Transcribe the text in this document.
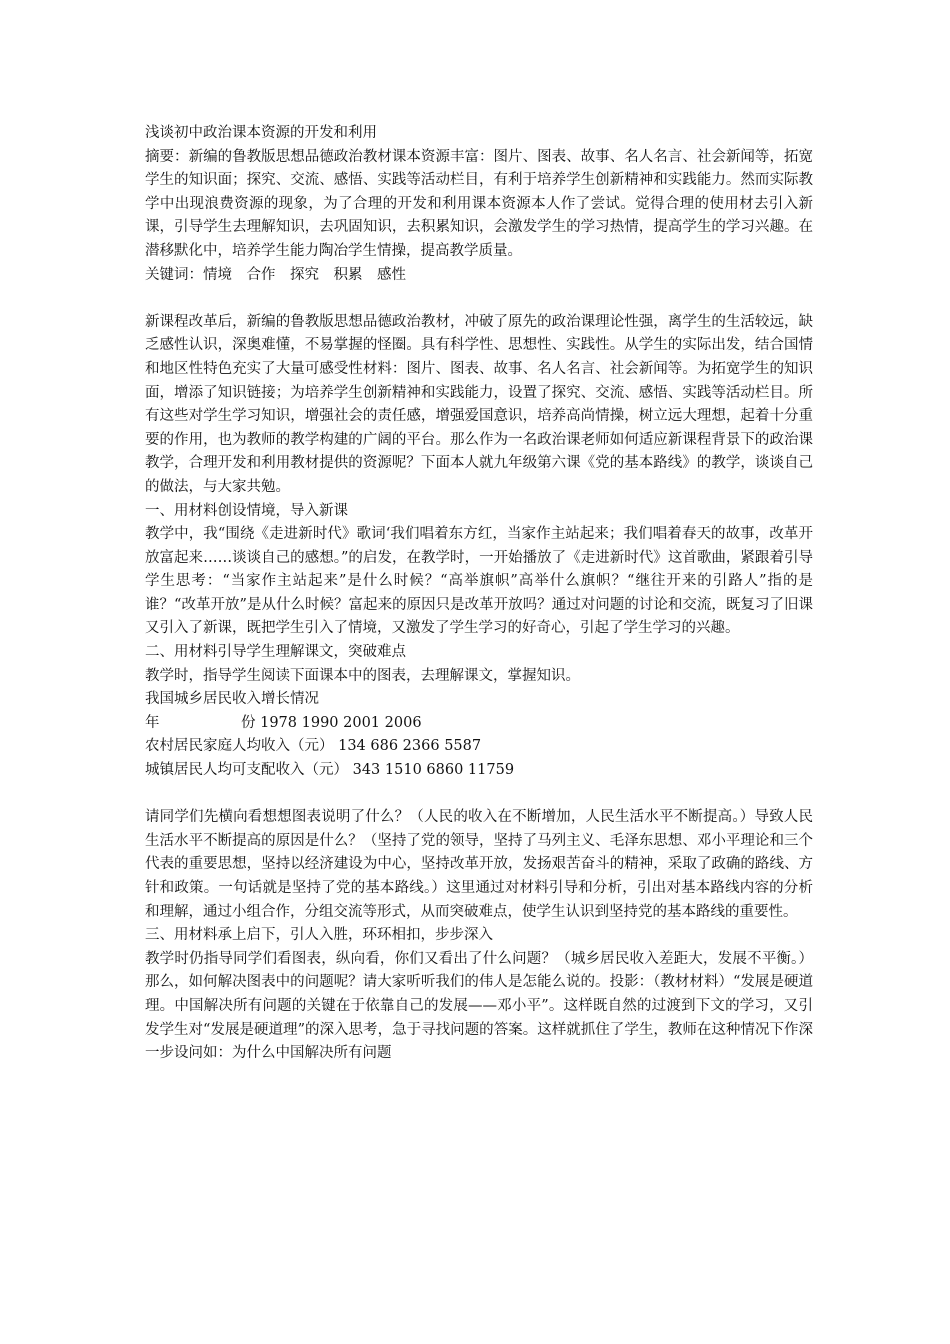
浅谈初中政治课本资源的开发和利用

摘要：新编的鲁教版思想品德政治教材课本资源丰富：图片、图表、故事、名人名言、社会新闻等，拓宽学生的知识面；探究、交流、感悟、实践等活动栏目，有利于培养学生创新精神和实践能力。然而实际教学中出现浪费资源的现象，为了合理的开发和利用课本资源本人作了尝试。觉得合理的使用材去引入新课，引导学生去理解知识，去巩固知识，去积累知识，会激发学生的学习热情，提高学生的学习兴趣。在潜移默化中，培养学生能力陶冶学生情操，提高教学质量。

关键词：情境　合作　探究　积累　感性

新课程改革后，新编的鲁教版思想品德政治教材，冲破了原先的政治课理论性强，离学生的生活较远，缺乏感性认识，深奥难懂，不易掌握的怪圈。具有科学性、思想性、实践性。从学生的实际出发，结合国情和地区性特色充实了大量可感受性材料：图片、图表、故事、名人名言、社会新闻等。为拓宽学生的知识面，增添了知识链接；为培养学生创新精神和实践能力，设置了探究、交流、感悟、实践等活动栏目。所有这些对学生学习知识，增强社会的责任感，增强爱国意识，培养高尚情操，树立远大理想，起着十分重要的作用，也为教师的教学构建的广阔的平台。那么作为一名政治课老师如何适应新课程背景下的政治课教学，合理开发和利用教材提供的资源呢？下面本人就九年级第六课《党的基本路线》的教学，谈谈自己的做法，与大家共勉。

一、用材料创设情境，导入新课

教学中，我“围绕《走进新时代》歌词‘我们唱着东方红，当家作主站起来；我们唱着春天的故事，改革开放富起来……谈谈自己的感想。”的启发，在教学时，一开始播放了《走进新时代》这首歌曲，紧跟着引导学生思考：“当家作主站起来”是什么时候？“高举旗帜”高举什么旗帜？“继往开来的引路人”指的是谁？“改革开放”是从什么时候？富起来的原因只是改革开放吗？通过对问题的讨论和交流，既复习了旧课又引入了新课，既把学生引入了情境，又激发了学生学习的好奇心，引起了学生学习的兴趣。

二、用材料引导学生理解课文，突破难点

教学时，指导学生阅读下面课本中的图表，去理解课文，掌握知识。

我国城乡居民收入增长情况

年	份 1978 1990 2001 2006

农村居民家庭人均收入（元） 134 686 2366 5587

城镇居民人均可支配收入（元） 343 1510 6860 11759

请同学们先横向看想想图表说明了什么？（人民的收入在不断增加，人民生活水平不断提高。）导致人民生活水平不断提高的原因是什么？（坚持了党的领导，坚持了马列主义、毛泽东思想、邓小平理论和三个代表的重要思想，坚持以经济建设为中心，坚持改革开放，发扬艰苦奋斗的精神，采取了政确的路线、方针和政策。一句话就是坚持了党的基本路线。）这里通过对材料引导和分析，引出对基本路线内容的分析和理解，通过小组合作，分组交流等形式，从而突破难点，使学生认识到坚持党的基本路线的重要性。

三、用材料承上启下，引人入胜，环环相扣，步步深入

教学时仍指导同学们看图表，纵向看，你们又看出了什么问题？（城乡居民收入差距大，发展不平衡。）那么，如何解决图表中的问题呢？请大家听听我们的伟人是怎能么说的。投影：（教材材料）“发展是硬道理。中国解决所有问题的关键在于依靠自己的发展——邓小平”。这样既自然的过渡到下文的学习，又引发学生对“发展是硬道理”的深入思考，急于寻找问题的答案。这样就抓住了学生，教师在这种情况下作深一步设问如：为什么中国解决所有问题
